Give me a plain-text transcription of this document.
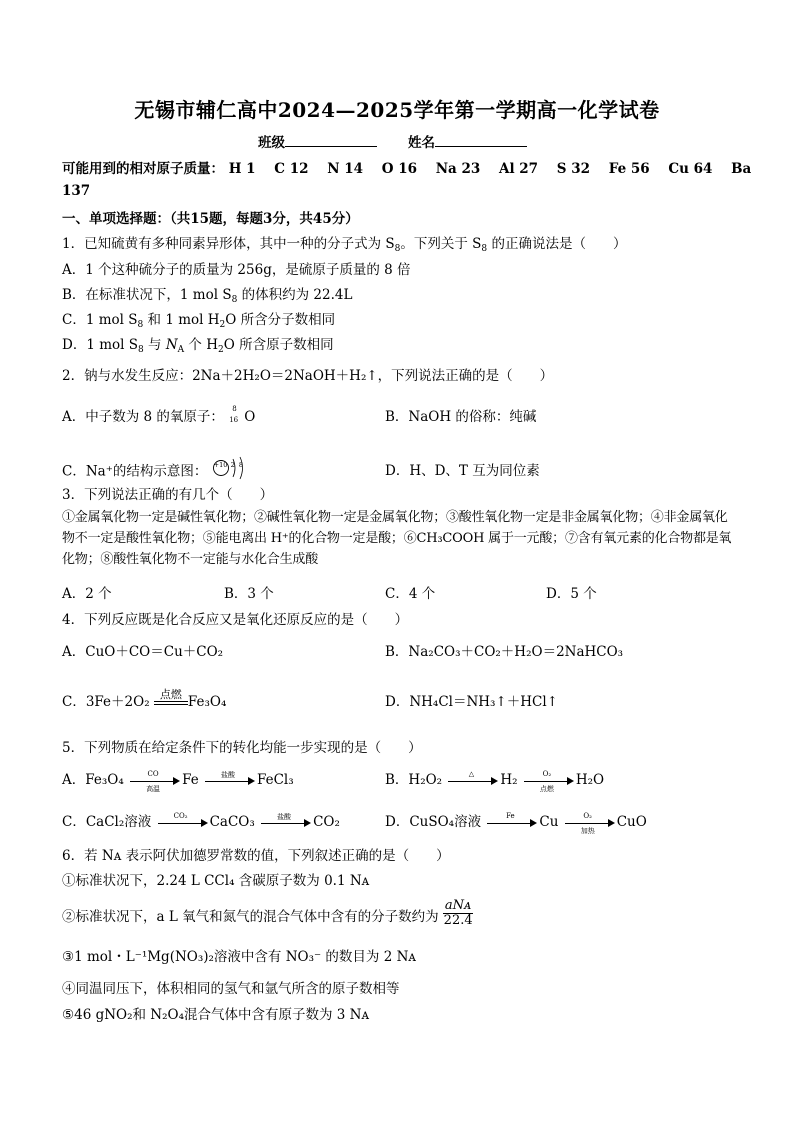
无锡市辅仁高中2024—2025学年第一学期高一化学试卷
班级	姓名
可能用到的相对原子质量： H 1 C 12 N 14 O 16 Na 23 Al 27 S 32 Fe 56 Cu 64 Ba
137
一、单项选择题：（共15题，每题3分，共45分）
1．已知硫黄有多种同素异形体，其中一种的分子式为 $S_8$。下列关于 $S_8$ 的正确说法是（　　）
A．1 个这种硫分子的质量为 256g，是硫原子质量的 8 倍
B．在标准状况下，1 mol $S_8$ 的体积约为 22.4L
C．1 mol $S_8$ 和 1 mol $H_2O$ 所含分子数相同
D．1 mol $S_8$ 与 $N_A$ 个 $H_2O$ 所含原子数相同
2．钠与水发生反应：2Na＋2H₂O＝2NaOH＋H₂↑，下列说法正确的是（　　）
A．中子数为 8 的氧原子：
8
16 O	B．NaOH 的俗称：纯碱
C．Na⁺的结构示意图： +10 2 8	D．H、D、T 互为同位素
3．下列说法正确的有几个（　　）
①金属氧化物一定是碱性氧化物；②碱性氧化物一定是金属氧化物；③酸性氧化物一定是非金属氧化物；④非金属氧化物不一定是酸性氧化物；⑤能电离出 H⁺的化合物一定是酸；⑥CH₃COOH 属于一元酸；⑦含有氧元素的化合物都是氧化物；⑧酸性氧化物不一定能与水化合生成酸
A．2 个	B．3 个	C．4 个	D．5 个
4．下列反应既是化合反应又是氧化还原反应的是（　　）
A．CuO＋CO＝Cu＋CO₂	B．Na₂CO₃＋CO₂＋H₂O＝2NaHCO₃
C．3Fe＋2O₂ 点燃 Fe₃O₄	D．NH₄Cl＝NH₃↑＋HCl↑
5．下列物质在给定条件下的转化均能一步实现的是（　　）
A．Fe₃O₄	CO
高温
Fe	盐酸	FeCl₃	B．H₂O₂	△	H₂	O₂
点燃
H₂O
C．CaCl₂溶液	CO₂	CaCO₃	盐酸	CO₂	D．CuSO₄溶液	Fe	Cu	O₂
加热
CuO
6．若 Nᴀ 表示阿伏加德罗常数的值，下列叙述正确的是（　　）
①标准状况下，2.24 L CCl₄ 含碳原子数为 0.1 Nᴀ
②标准状况下，a L 氧气和氮气的混合气体中含有的分子数约为 $\frac{\text{aNᴀ}}{22.4}$
③1 mol・L⁻¹Mg(NO₃)₂溶液中含有 NO₃⁻ 的数目为 2 Nᴀ
④同温同压下，体积相同的氢气和氩气所含的原子数相等
⑤46 gNO₂和 N₂O₄混合气体中含有原子数为 3 Nᴀ
